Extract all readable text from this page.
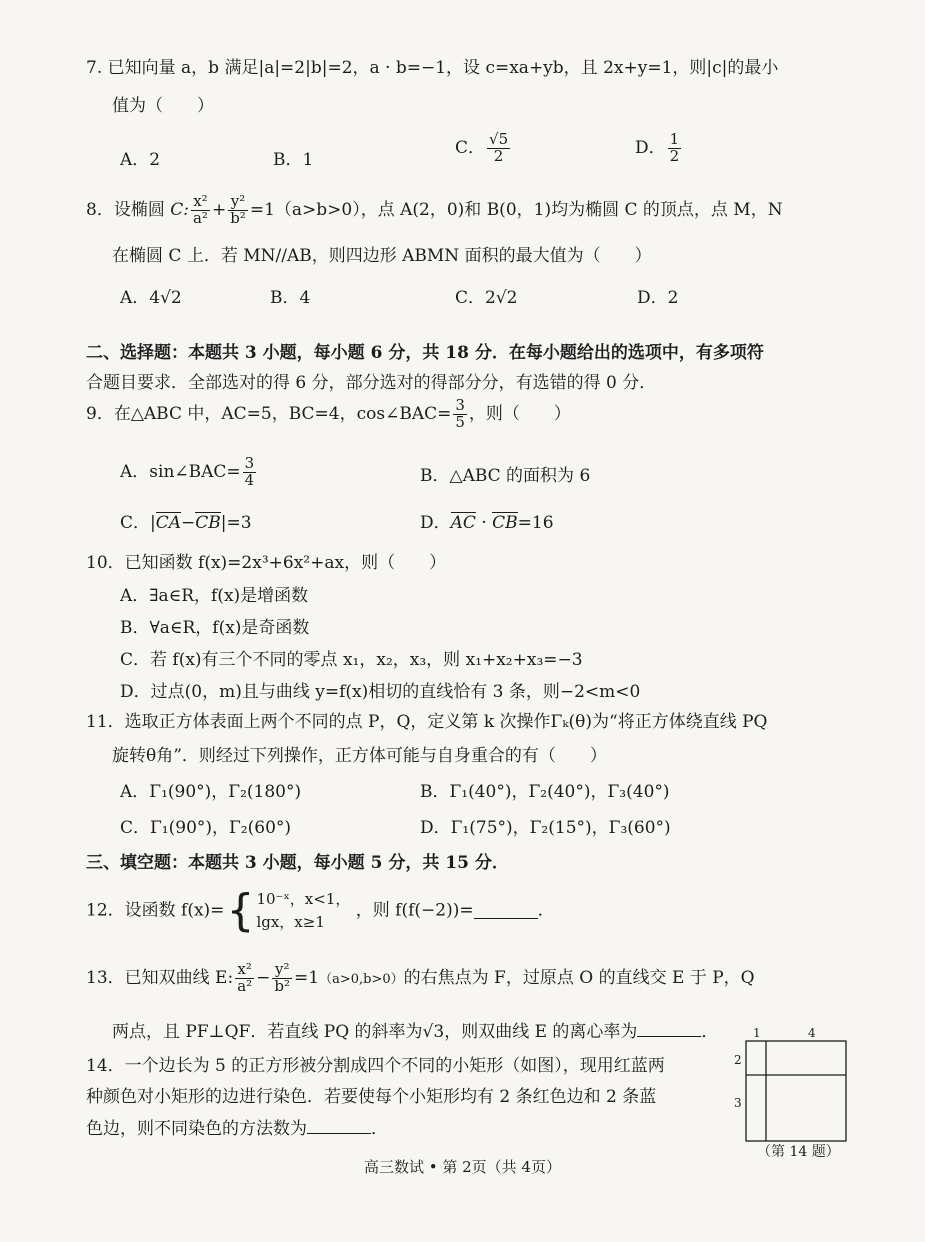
7. 已知向量 a，b 满足|a|=2|b|=2，a · b=−1，设 c=xa+yb，且 2x+y=1，则|c|的最小
值为（　　）
A．2	B．1
C． $\frac{√5}{2}$	D． $\frac{1}{2}$
8．设椭圆 C: $\frac{\text{x²}}{\text{a²}} + \frac{\text{y²}}{\text{b²}} =1(a>b>0)$，点 A(2，0)和 B(0，1)均为椭圆 C 的顶点，点 M，N
在椭圆 C 上．若 MN//AB，则四边形 ABMN 面积的最大值为（　　）
A．4√2	B．4	C．2√2	D．2
二、选择题：本题共 3 小题，每小题 6 分，共 18 分．在每小题给出的选项中，有多项符
合题目要求．全部选对的得 6 分，部分选对的得部分分，有选错的得 0 分．
9．在△ABC 中，AC=5，BC=4，cos∠BAC= $\frac{3}{5}$ ，则（　　）
A．sin∠BAC= $\frac{3}{4}$	B．△ABC 的面积为 6
C．|CA−CB|=3	D．AC · CB=16
10．已知函数 f(x)=2x³+6x²+ax，则（　　）
A．∃a∈R，f(x)是增函数
B．∀a∈R，f(x)是奇函数
C．若 f(x)有三个不同的零点 x₁，x₂，x₃，则 x₁+x₂+x₃=−3
D．过点(0，m)且与曲线 y=f(x)相切的直线恰有 3 条，则−2<m<0
11．选取正方体表面上两个不同的点 P，Q，定义第 k 次操作Γₖ(θ)为“将正方体绕直线 PQ
旋转θ角”．则经过下列操作，正方体可能与自身重合的有（　　）
A．Γ₁(90°)，Γ₂(180°)	B．Γ₁(40°)，Γ₂(40°)，Γ₃(40°)
C．Γ₁(90°)，Γ₂(60°)	D．Γ₁(75°)，Γ₂(15°)，Γ₃(60°)
三、填空题：本题共 3 小题，每小题 5 分，共 15 分．
12．设函数 f(x)={ 10⁻ˣ，x<1，
lgx，x≥1
，则 f(f(−2))=	．
13．已知双曲线 E: $\frac{\text{x²}}{\text{a²}} - \frac{\text{y²}}{\text{b²}} =1(a>0,b>0)$的右焦点为 F，过原点 O 的直线交 E 于 P，Q
两点，且 PF⊥QF．若直线 PQ 的斜率为√3，则双曲线 E 的离心率为	．
14．一个边长为 5 的正方形被分割成四个不同的小矩形（如图），现用红蓝两
种颜色对小矩形的边进行染色．若要使每个小矩形均有 2 条红色边和 2 条蓝
色边，则不同染色的方法数为	．
1	4
2
3
（第 14 题）
高三数试 • 第 2页（共 4页）
